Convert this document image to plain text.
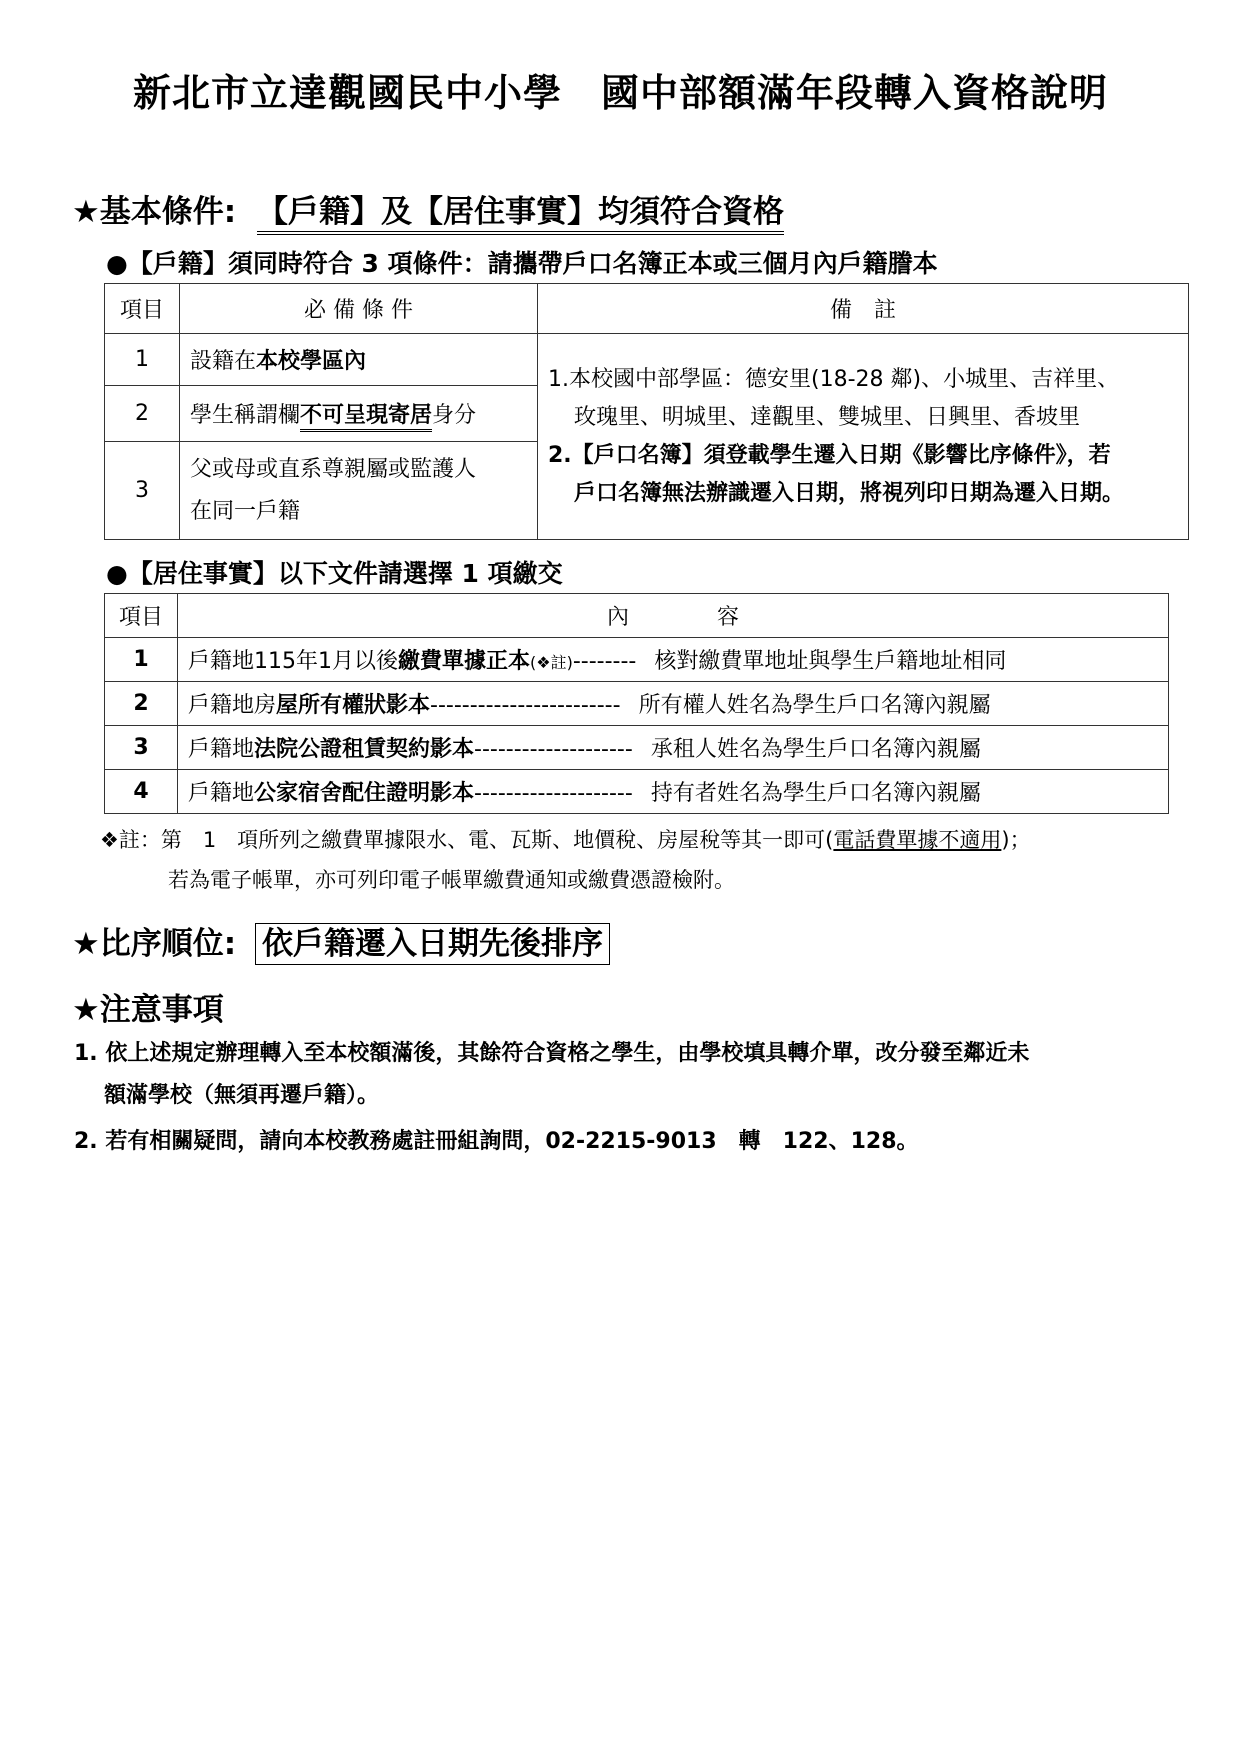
新北市立達觀國民中小學　國中部額滿年段轉入資格說明
★基本條件: 【戶籍】及【居住事實】均須符合資格
●【戶籍】須同時符合 3 項條件：請攜帶戶口名簿正本或三個月內戶籍謄本
項目	必 備 條 件	備　註
1	設籍在本校學區內	1.本校國中部學區：德安里(18-28 鄰)、小城里、吉祥里、
玫瑰里、明城里、達觀里、雙城里、日興里、香坡里
2.【戶口名簿】須登載學生遷入日期《影響比序條件》，若
戶口名簿無法辦識遷入日期，將視列印日期為遷入日期。

2	學生稱謂欄不可呈現寄居身分	
3	父或母或直系尊親屬或監護人
在同一戶籍	
●【居住事實】以下文件請選擇 1 項繳交
項目	內　　　　容
1	戶籍地115年1月以後繳費單據正本(❖註)-------- 核對繳費單地址與學生戶籍地址相同
2	戶籍地房屋所有權狀影本------------------------ 所有權人姓名為學生戶口名簿內親屬
3	戶籍地法院公證租賃契約影本-------------------- 承租人姓名為學生戶口名簿內親屬
4	戶籍地公家宿舍配住證明影本-------------------- 持有者姓名為學生戶口名簿內親屬
❖註：第　1　項所列之繳費單據限水、電、瓦斯、地價稅、房屋稅等其一即可(電話費單據不適用)；
若為電子帳單，亦可列印電子帳單繳費通知或繳費憑證檢附。
★比序順位: 依戶籍遷入日期先後排序
★注意事項
1. 依上述規定辦理轉入至本校額滿後，其餘符合資格之學生，由學校填具轉介單，改分發至鄰近未
額滿學校（無須再遷戶籍）。
2. 若有相關疑問，請向本校教務處註冊組詢問，02-2215-9013　轉　122、128。
